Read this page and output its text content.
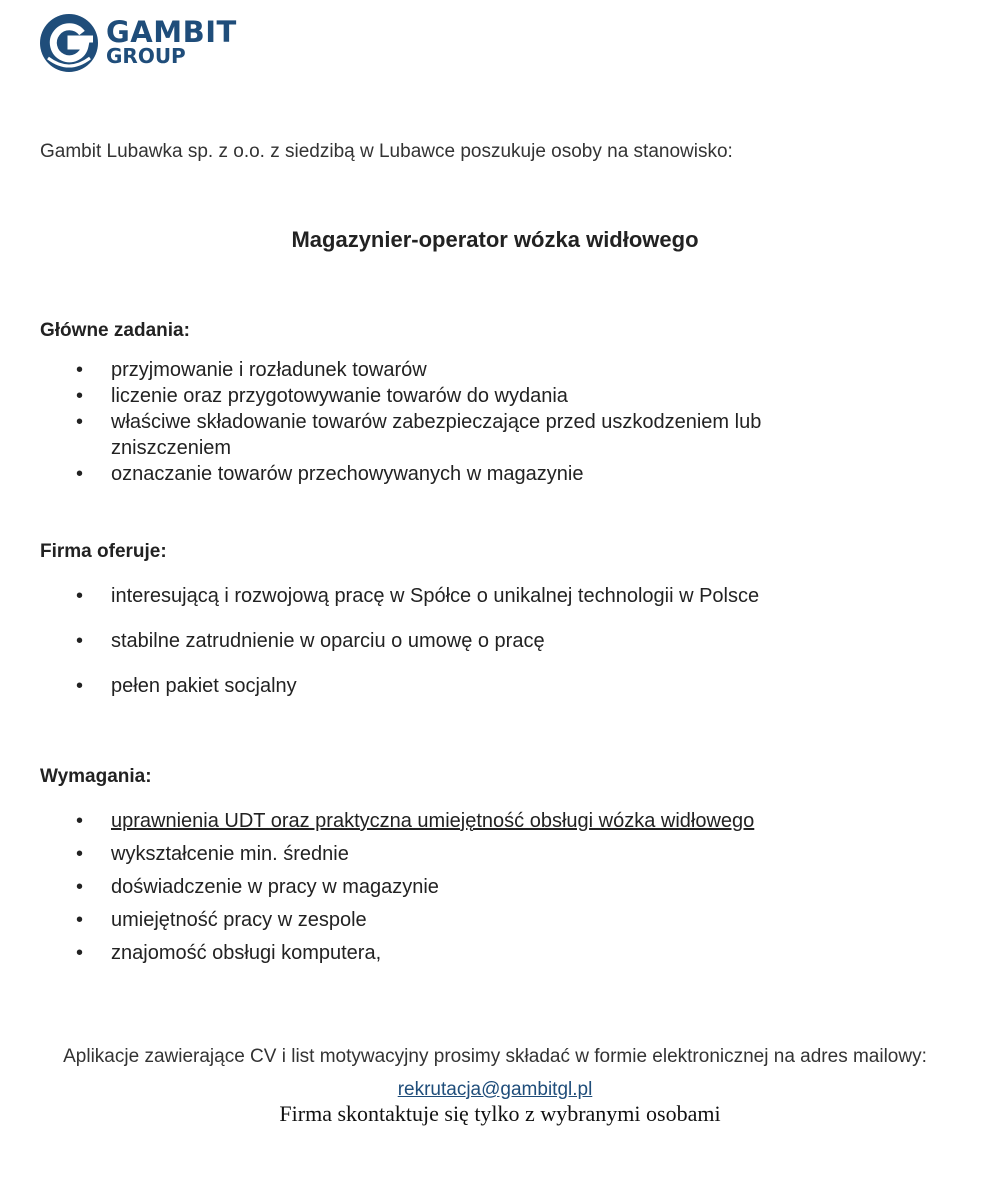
GAMBIT
GROUP

Gambit Lubawka sp. z o.o. z siedzibą w Lubawce poszukuje osoby na stanowisko:

Magazynier-operator wózka widłowego
Główne zadania:
• przyjmowanie i rozładunek towarów
• liczenie oraz przygotowywanie towarów do wydania
• właściwe składowanie towarów zabezpieczające przed uszkodzeniem lub zniszczeniem
• oznaczanie towarów przechowywanych w magazynie
Firma oferuje:
• interesującą i rozwojową pracę w Spółce o unikalnej technologii w Polsce
• stabilne zatrudnienie w oparciu o umowę o pracę
• pełen pakiet socjalny
Wymagania:
• uprawnienia UDT oraz praktyczna umiejętność obsługi wózka widłowego
• wykształcenie min. średnie
• doświadczenie w pracy w magazynie
• umiejętność pracy w zespole
• znajomość obsługi komputera,

Aplikacje zawierające CV i list motywacyjny prosimy składać w formie elektronicznej na adres mailowy: rekrutacja@gambitgl.pl

Firma skontaktuje się tylko z wybranymi osobami
